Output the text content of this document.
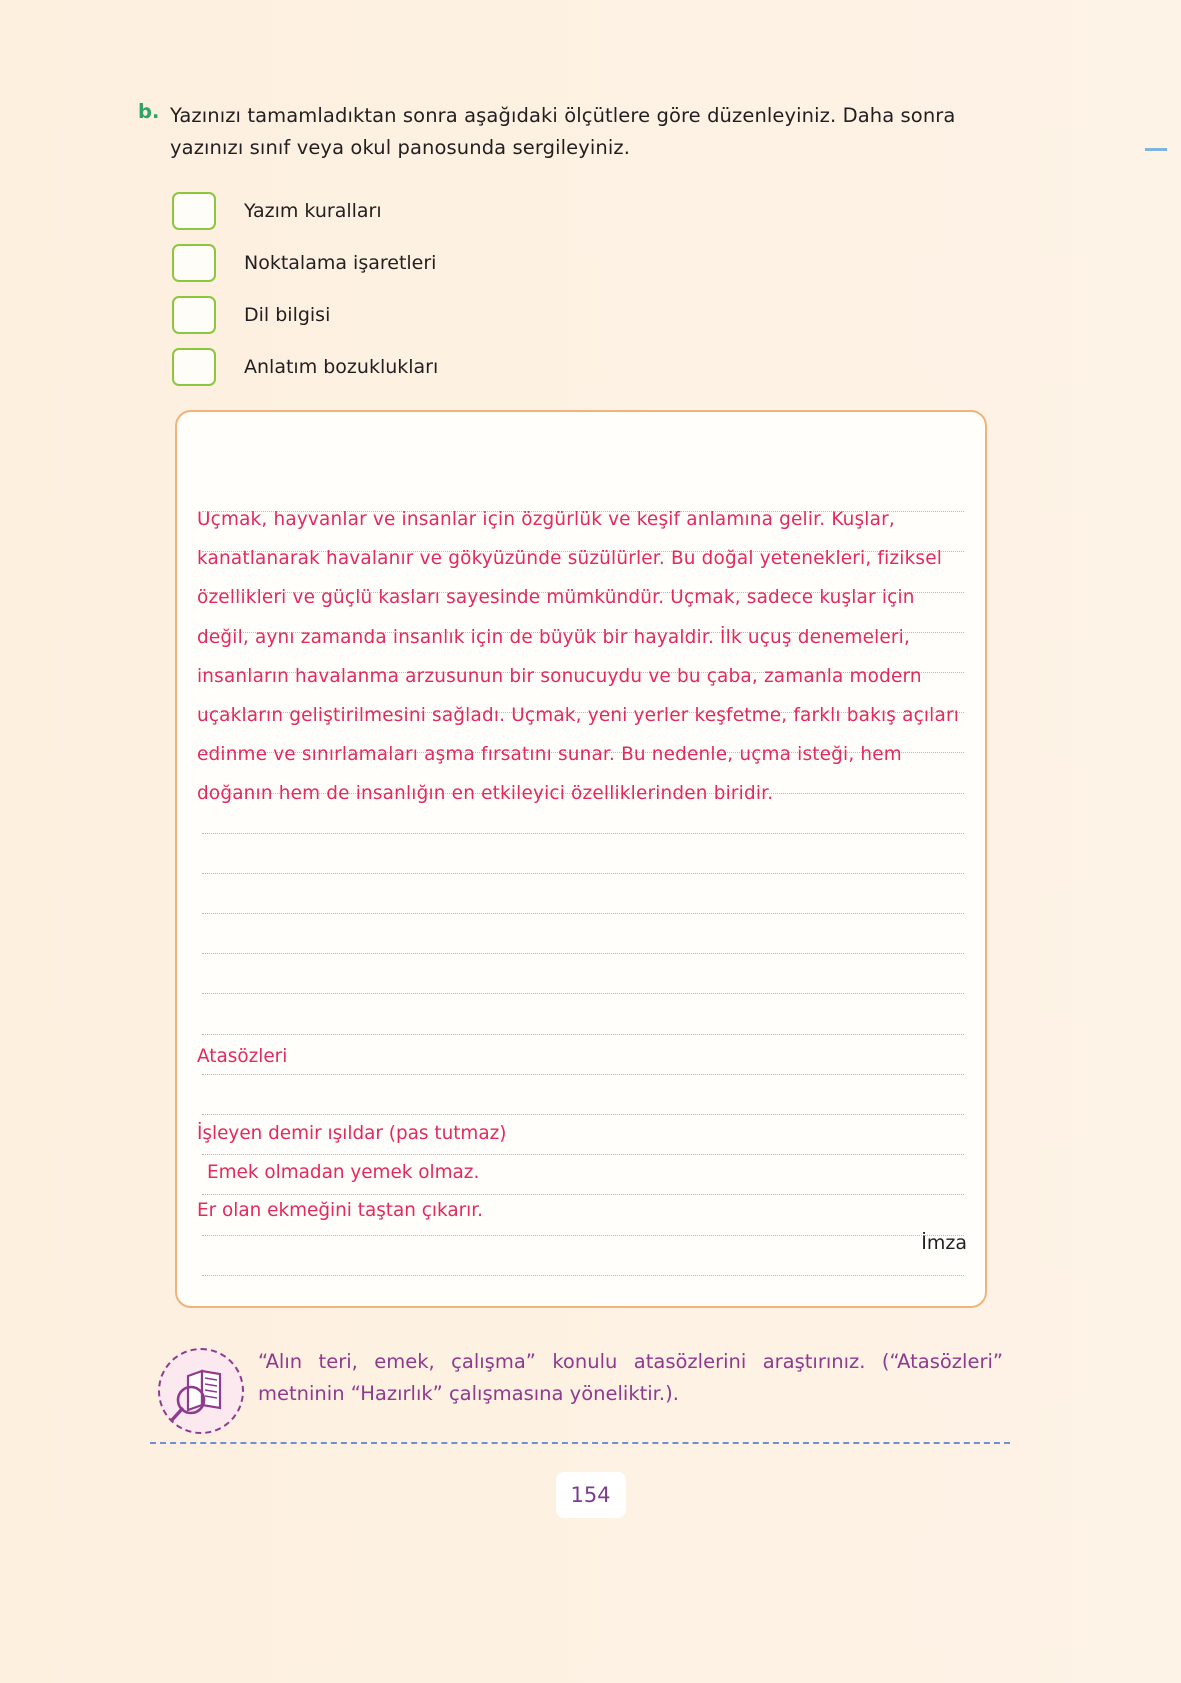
b. Yazınızı tamamladıktan sonra aşağıdaki ölçütlere göre düzenleyiniz. Daha sonra yazınızı sınıf veya okul panosunda sergileyiniz.
Yazım kuralları
Noktalama işaretleri
Dil bilgisi
Anlatım bozuklukları
Uçmak, hayvanlar ve insanlar için özgürlük ve keşif anlamına gelir. Kuşlar, kanatlanarak havalanır ve gökyüzünde süzülürler. Bu doğal yetenekleri, fiziksel özellikleri ve güçlü kasları sayesinde mümkündür. Uçmak, sadece kuşlar için değil, aynı zamanda insanlık için de büyük bir hayaldir. İlk uçuş denemeleri, insanların havalanma arzusunun bir sonucuydu ve bu çaba, zamanla modern uçakların geliştirilmesini sağladı. Uçmak, yeni yerler keşfetme, farklı bakış açıları edinme ve sınırlamaları aşma fırsatını sunar. Bu nedenle, uçma isteği, hem doğanın hem de insanlığın en etkileyici özelliklerinden biridir.
Atasözleri
İşleyen demir ışıldar (pas tutmaz)
Emek olmadan yemek olmaz.
Er olan ekmeğini taştan çıkarır.
İmza
“Alın teri, emek, çalışma” konulu atasözlerini araştırınız. (“Atasözleri” metninin “Hazırlık” çalışmasına yöneliktir.).
154
